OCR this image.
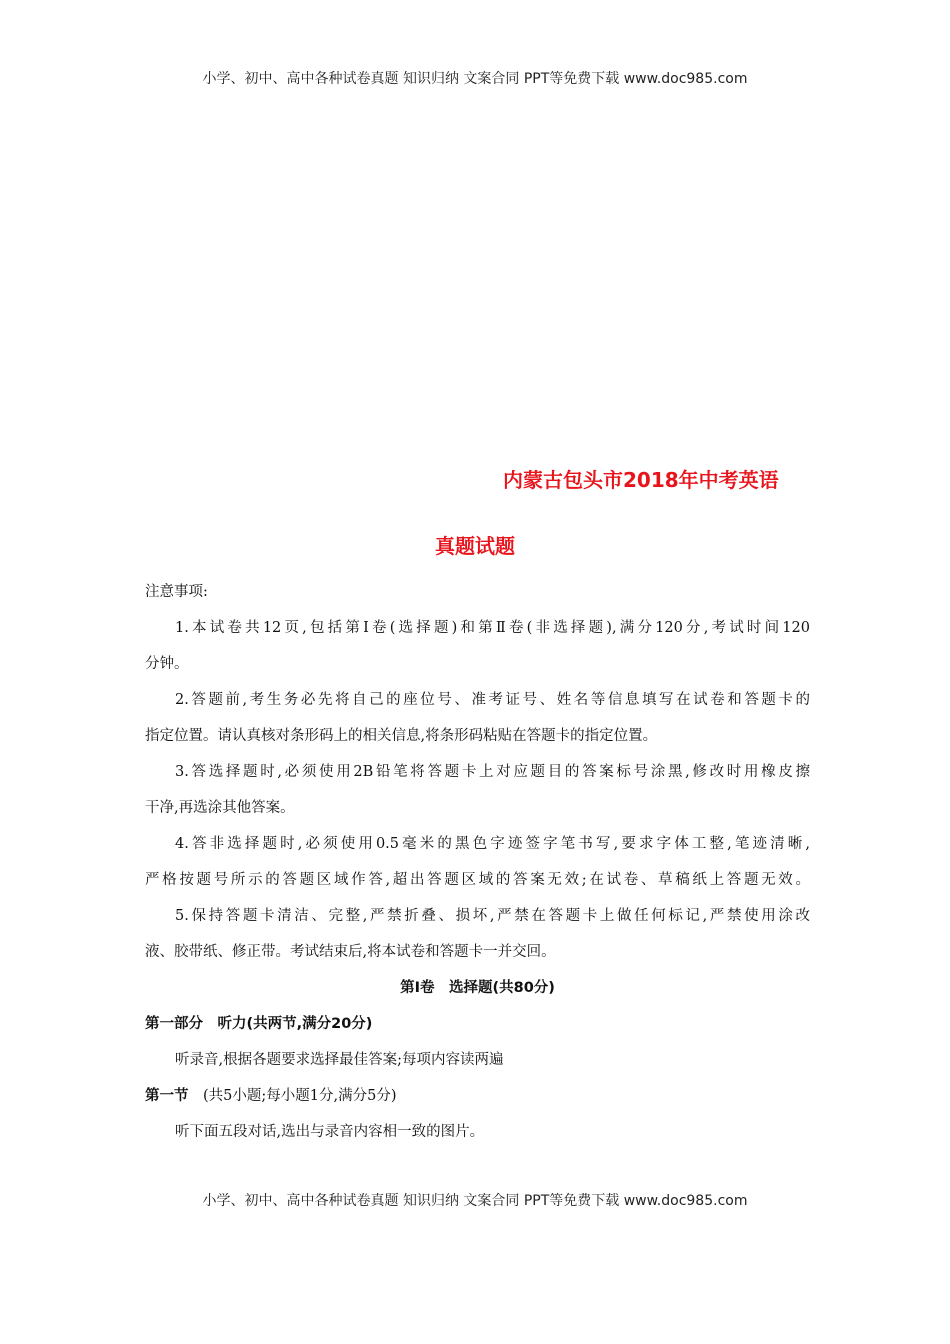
小学、初中、高中各种试卷真题 知识归纳 文案合同 PPT等免费下载 www.doc985.com
内蒙古包头市2018年中考英语
真题试题
注意事项:
1.本试卷共12页,包括第Ⅰ卷(选择题)和第Ⅱ卷(非选择题),满分120分,考试时间120
分钟。
2.答题前,考生务必先将自己的座位号、准考证号、姓名等信息填写在试卷和答题卡的
指定位置。请认真核对条形码上的相关信息,将条形码粘贴在答题卡的指定位置。
3.答选择题时,必须使用2B铅笔将答题卡上对应题目的答案标号涂黑,修改时用橡皮擦
干净,再选涂其他答案。
4.答非选择题时,必须使用0.5毫米的黑色字迹签字笔书写,要求字体工整,笔迹清晰,
严格按题号所示的答题区域作答,超出答题区域的答案无效;在试卷、草稿纸上答题无效。
5.保持答题卡清洁、完整,严禁折叠、损坏,严禁在答题卡上做任何标记,严禁使用涂改
液、胶带纸、修正带。考试结束后,将本试卷和答题卡一并交回。
第Ⅰ卷　选择题(共80分)
第一部分　听力(共两节,满分20分)
听录音,根据各题要求选择最佳答案;每项内容读两遍
第一节　(共5小题;每小题1分,满分5分)
听下面五段对话,选出与录音内容相一致的图片。
小学、初中、高中各种试卷真题 知识归纳 文案合同 PPT等免费下载 www.doc985.com
